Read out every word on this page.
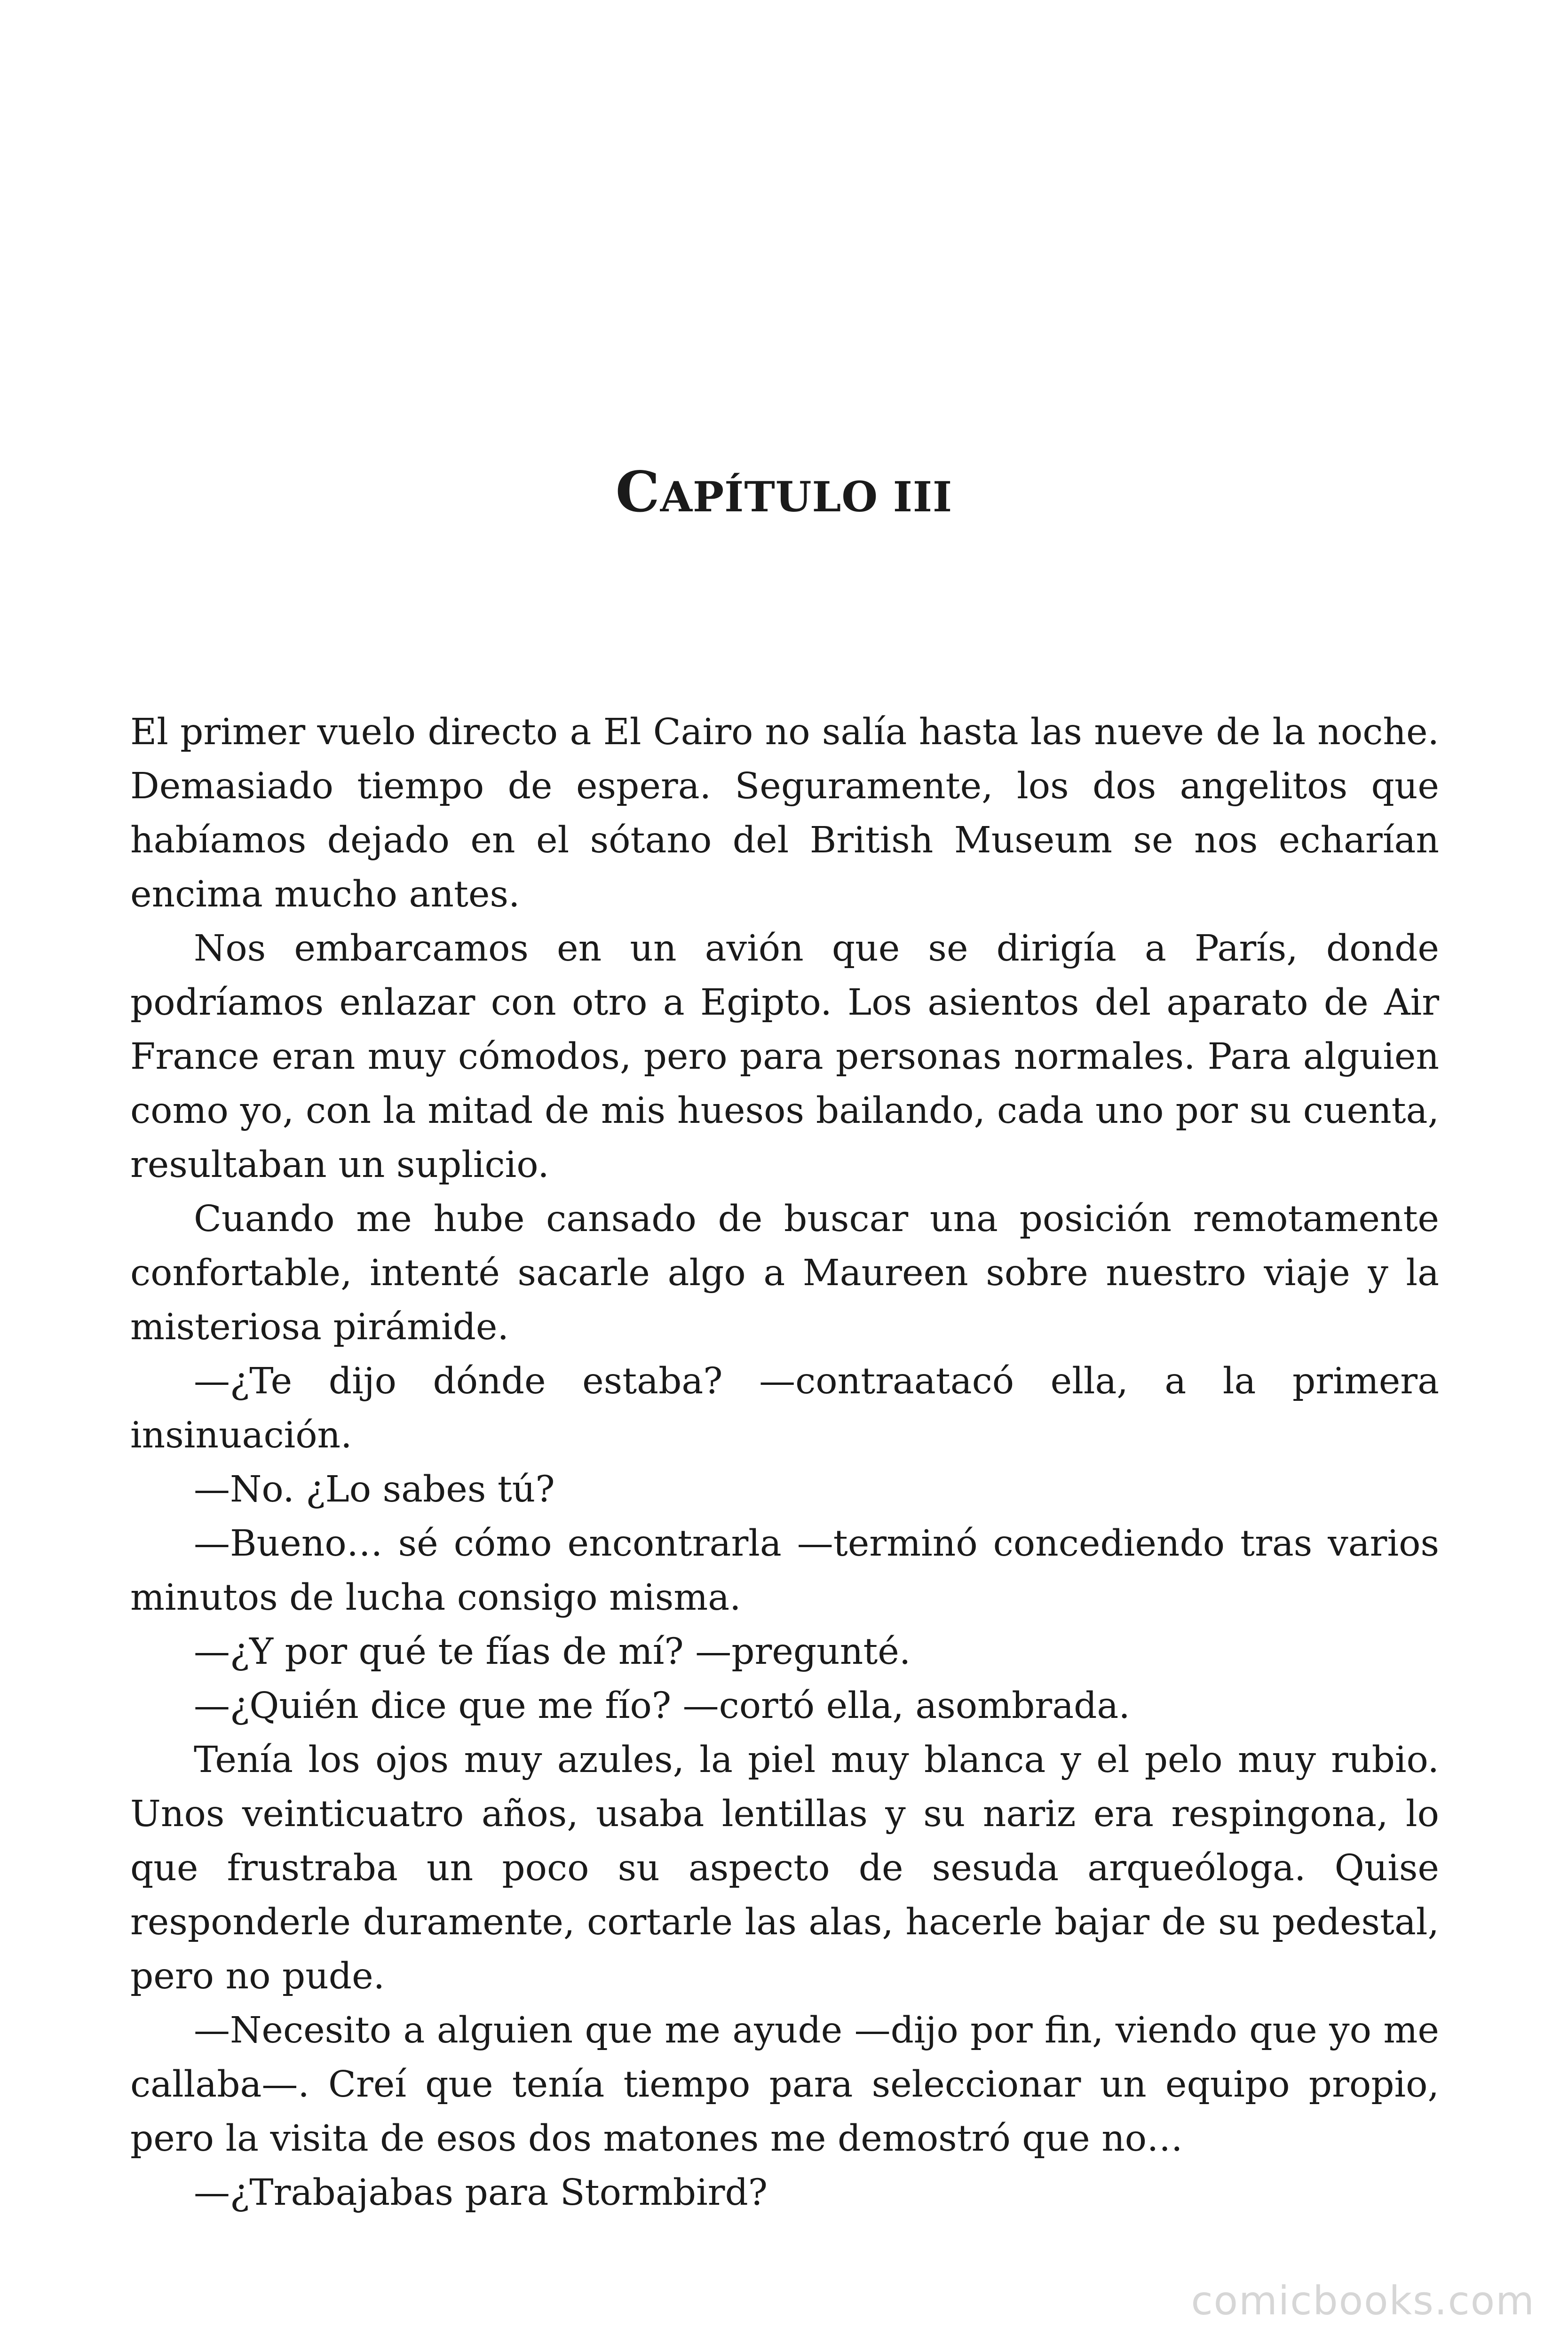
CAPÍTULO III

El primer vuelo directo a El Cairo no salía hasta las nueve de la noche. Demasiado tiempo de espera. Seguramente, los dos angelitos que habíamos dejado en el sótano del British Museum se nos echarían encima mucho antes.

Nos embarcamos en un avión que se dirigía a París, donde podríamos enlazar con otro a Egipto. Los asientos del aparato de Air France eran muy cómodos, pero para personas normales. Para alguien como yo, con la mitad de mis huesos bailando, cada uno por su cuenta, resultaban un suplicio.

Cuando me hube cansado de buscar una posición remotamente confortable, intenté sacarle algo a Maureen sobre nuestro viaje y la misteriosa pirámide.

—¿Te dijo dónde estaba? —contraatacó ella, a la primera insinuación.

—No. ¿Lo sabes tú?

—Bueno… sé cómo encontrarla —terminó concediendo tras varios minutos de lucha consigo misma.

—¿Y por qué te fías de mí? —pregunté.

—¿Quién dice que me fío? —cortó ella, asombrada.

Tenía los ojos muy azules, la piel muy blanca y el pelo muy rubio. Unos veinticuatro años, usaba lentillas y su nariz era respingona, lo que frustraba un poco su aspecto de sesuda arqueóloga. Quise responderle duramente, cortarle las alas, hacerle bajar de su pedestal, pero no pude.

—Necesito a alguien que me ayude —dijo por fin, viendo que yo me callaba—. Creí que tenía tiempo para seleccionar un equipo propio, pero la visita de esos dos matones me demostró que no…

—¿Trabajabas para Stormbird?

comicbooks.com
